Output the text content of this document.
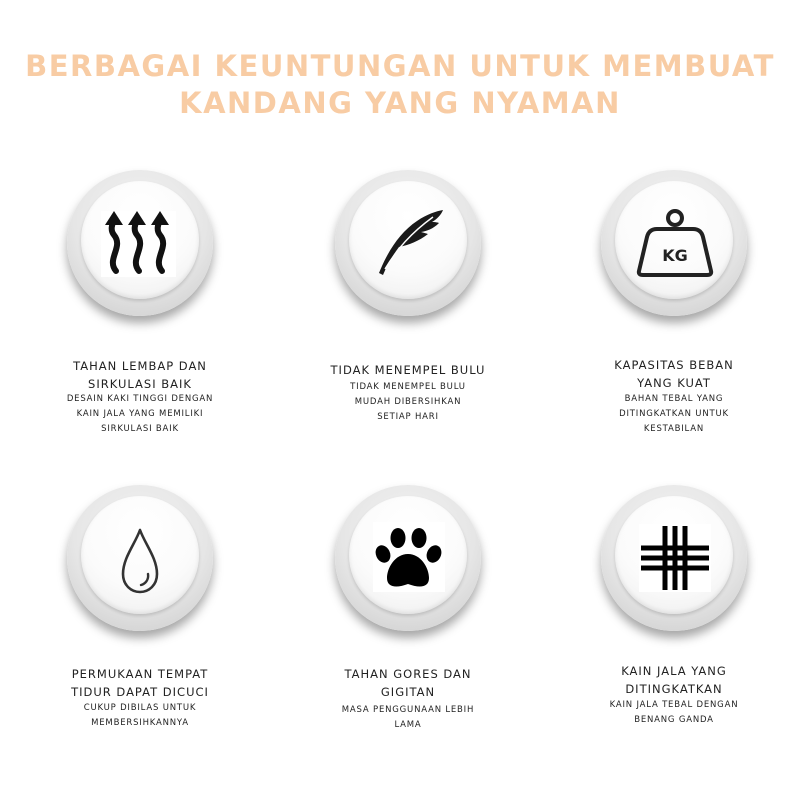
BERBAGAI KEUNTUNGAN UNTUK MEMBUAT
KANDANG YANG NYAMAN
TAHAN LEMBAP DAN
SIRKULASI BAIK
DESAIN KAKI TINGGI DENGAN
KAIN JALA YANG MEMILIKI
SIRKULASI BAIK
TIDAK MENEMPEL BULU
TIDAK MENEMPEL BULU
MUDAH DIBERSIHKAN
SETIAP HARI
KG
KAPASITAS BEBAN
YANG KUAT
BAHAN TEBAL YANG
DITINGKATKAN UNTUK
KESTABILAN
PERMUKAAN TEMPAT
TIDUR DAPAT DICUCI
CUKUP DIBILAS UNTUK
MEMBERSIHKANNYA
TAHAN GORES DAN
GIGITAN
MASA PENGGUNAAN LEBIH
LAMA
KAIN JALA YANG
DITINGKATKAN
KAIN JALA TEBAL DENGAN
BENANG GANDA
